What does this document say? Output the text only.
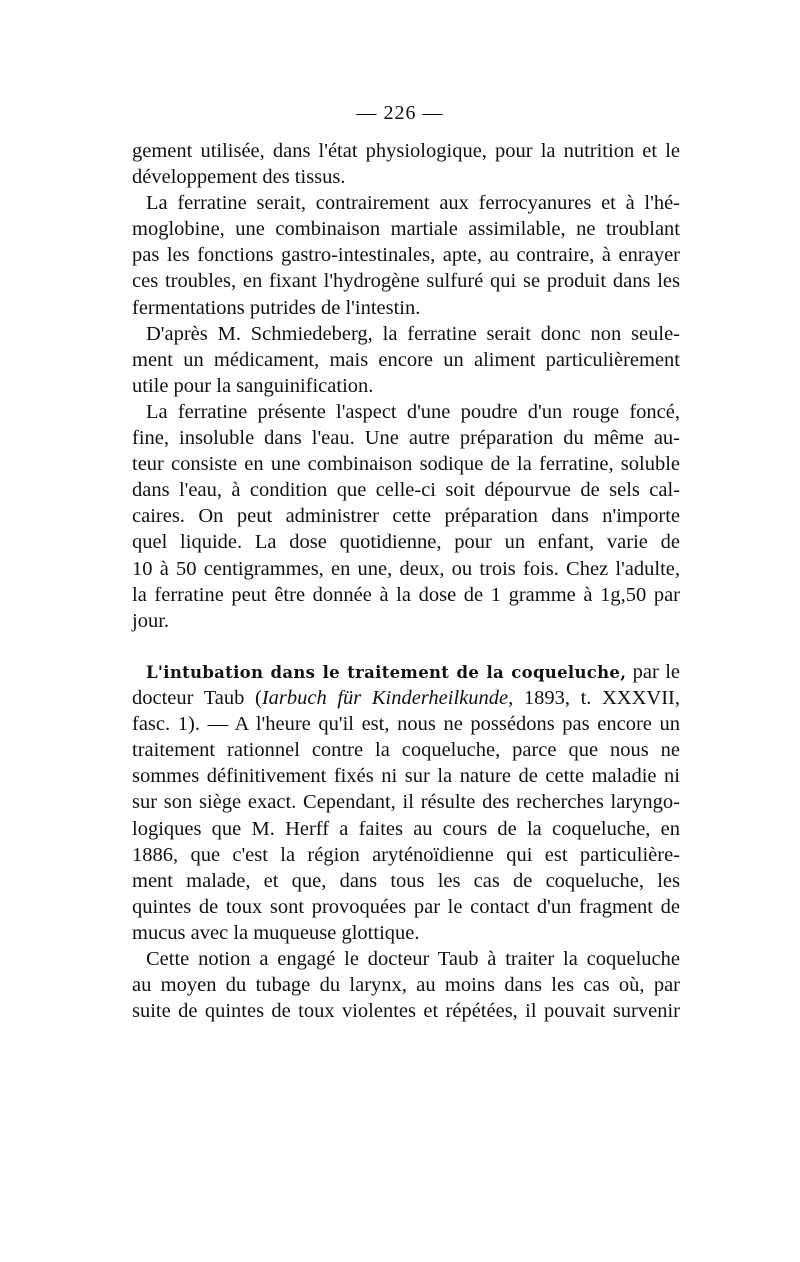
— 226 —
gement utilisée, dans l'état physiologique, pour la nutrition et le
développement des tissus.
La ferratine serait, contrairement aux ferrocyanures et à l'hé-
moglobine, une combinaison martiale assimilable, ne troublant
pas les fonctions gastro-intestinales, apte, au contraire, à enrayer
ces troubles, en fixant l'hydrogène sulfuré qui se produit dans les
fermentations putrides de l'intestin.
D'après M. Schmiedeberg, la ferratine serait donc non seule-
ment un médicament, mais encore un aliment particulièrement
utile pour la sanguinification.
La ferratine présente l'aspect d'une poudre d'un rouge foncé,
fine, insoluble dans l'eau. Une autre préparation du même au-
teur consiste en une combinaison sodique de la ferratine, soluble
dans l'eau, à condition que celle-ci soit dépourvue de sels cal-
caires. On peut administrer cette préparation dans n'importe
quel liquide. La dose quotidienne, pour un enfant, varie de
10 à 50 centigrammes, en une, deux, ou trois fois. Chez l'adulte,
la ferratine peut être donnée à la dose de 1 gramme à 1g,50 par
jour.
L'intubation dans le traitement de la coqueluche, par le
docteur Taub (Iarbuch für Kinderheilkunde, 1893, t. XXXVII,
fasc. 1). — A l'heure qu'il est, nous ne possédons pas encore un
traitement rationnel contre la coqueluche, parce que nous ne
sommes définitivement fixés ni sur la nature de cette maladie ni
sur son siège exact. Cependant, il résulte des recherches laryngo-
logiques que M. Herff a faites au cours de la coqueluche, en
1886, que c'est la région aryténoïdienne qui est particulière-
ment malade, et que, dans tous les cas de coqueluche, les
quintes de toux sont provoquées par le contact d'un fragment de
mucus avec la muqueuse glottique.
Cette notion a engagé le docteur Taub à traiter la coqueluche
au moyen du tubage du larynx, au moins dans les cas où, par
suite de quintes de toux violentes et répétées, il pouvait survenir
